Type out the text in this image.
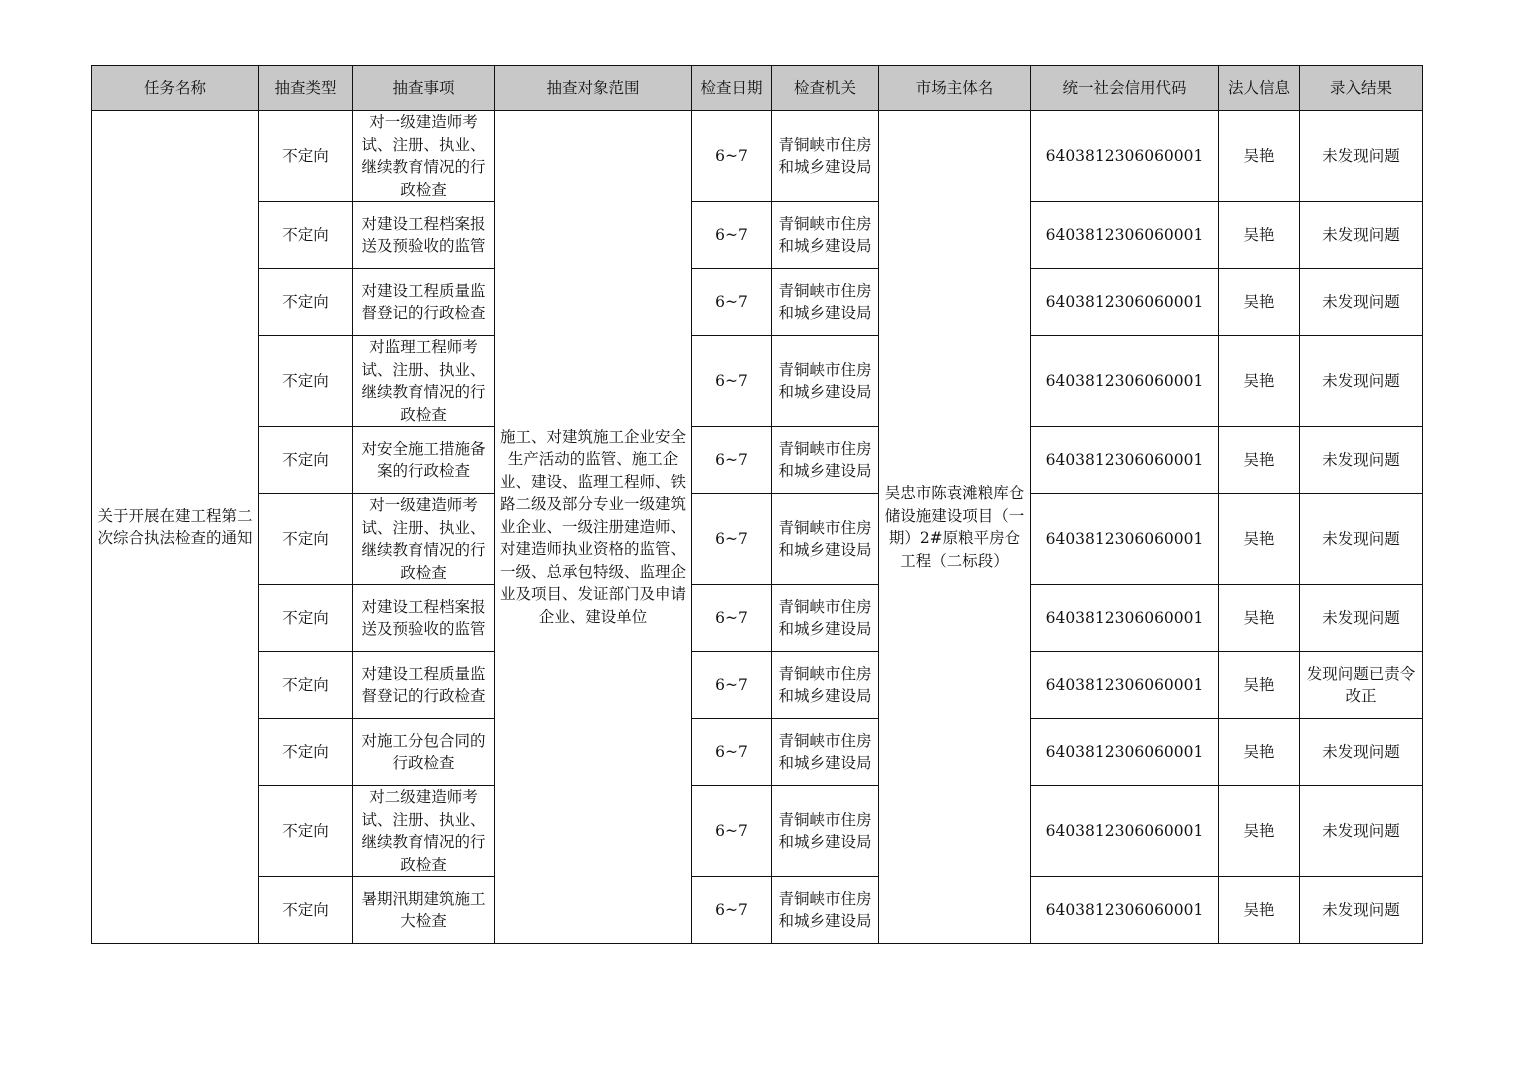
任务名称	抽查类型	抽查事项	抽查对象范围	检查日期	检查机关	市场主体名	统一社会信用代码	法人信息	录入结果
关于开展在建工程第二次综合执法检查的通知	不定向	对一级建造师考试、注册、执业、继续教育情况的行政检查	施工、对建筑施工企业安全生产活动的监管、施工企业、建设、监理工程师、铁路二级及部分专业一级建筑业企业、一级注册建造师、对建造师执业资格的监管、一级、总承包特级、监理企业及项目、发证部门及申请企业、建设单位	6~7	青铜峡市住房和城乡建设局	吴忠市陈袁滩粮库仓储设施建设项目（一期）2#原粮平房仓工程（二标段）	6403812306060001	吴艳	未发现问题
	不定向	对建设工程档案报送及预验收的监管		6~7	青铜峡市住房和城乡建设局		6403812306060001	吴艳	未发现问题
	不定向	对建设工程质量监督登记的行政检查		6~7	青铜峡市住房和城乡建设局		6403812306060001	吴艳	未发现问题
	不定向	对监理工程师考试、注册、执业、继续教育情况的行政检查		6~7	青铜峡市住房和城乡建设局		6403812306060001	吴艳	未发现问题
	不定向	对安全施工措施备案的行政检查		6~7	青铜峡市住房和城乡建设局		6403812306060001	吴艳	未发现问题
	不定向	对一级建造师考试、注册、执业、继续教育情况的行政检查		6~7	青铜峡市住房和城乡建设局		6403812306060001	吴艳	未发现问题
	不定向	对建设工程档案报送及预验收的监管		6~7	青铜峡市住房和城乡建设局		6403812306060001	吴艳	未发现问题
	不定向	对建设工程质量监督登记的行政检查		6~7	青铜峡市住房和城乡建设局		6403812306060001	吴艳	发现问题已责令改正
	不定向	对施工分包合同的行政检查		6~7	青铜峡市住房和城乡建设局		6403812306060001	吴艳	未发现问题
	不定向	对二级建造师考试、注册、执业、继续教育情况的行政检查		6~7	青铜峡市住房和城乡建设局		6403812306060001	吴艳	未发现问题
	不定向	暑期汛期建筑施工大检查		6~7	青铜峡市住房和城乡建设局		6403812306060001	吴艳	未发现问题
